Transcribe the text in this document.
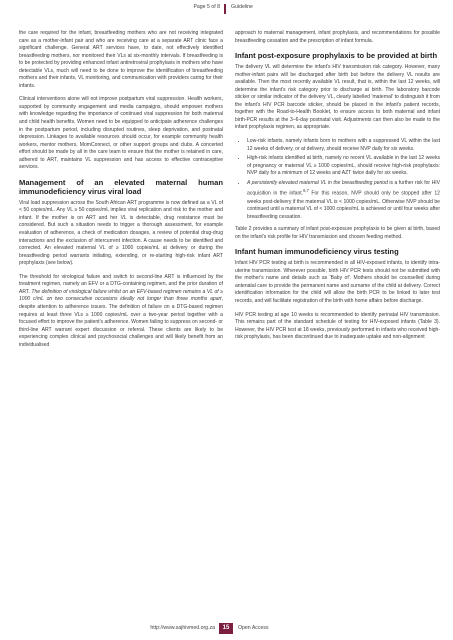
Page 5 of 8 Guideline

the care required for the infant, breastfeeding mothers who are not receiving integrated care as a mother-infant pair and who are receiving care at a separate ART clinic face a significant challenge. General ART services have, to date, not effectively identified breastfeeding mothers, nor monitored their VLs at six-monthly intervals. If breastfeeding is to be protected by providing enhanced infant antiretroviral prophylaxis in mothers who have detectable VLs, much will need to be done to improve the identification of breastfeeding mothers and their infants, VL monitoring, and communication with providers caring for their infants.

Clinical interventions alone will not improve postpartum viral suppression. Health workers, supported by community engagement and media campaigns, should empower mothers with knowledge regarding the importance of continued viral suppression for both maternal and child health benefits. Women need to be equipped to anticipate adherence challenges in the postpartum period, including disrupted routines, sleep deprivation, and postnatal depression. Linkages to available resources should occur, for example community health workers, mentor mothers, MomConnect, or other support groups and clubs. A concerted effort should be made by all in the care team to ensure that the mother is retained in care, adhered to ART, maintains VL suppression and has access to effective contraceptive services.

Management of an elevated maternal human immunodeficiency virus viral load

Viral load suppression across the South African ART programme is now defined as a VL of < 50 copies/mL. Any VL ≥ 50 copies/mL implies viral replication and risk to the mother and infant. If the mother is on ART and her VL is detectable, drug resistance must be considered. But such a situation needs to trigger a thorough assessment, for example evaluation of adherence, a check of medication dosages, a review of potential drug-drug interactions and the exclusion of intercurrent infection. A cause needs to be identified and corrected. An elevated maternal VL of ≥ 1000 copies/mL at delivery or during the breastfeeding period warrants initiating, extending, or re-starting high-risk infant ART prophylaxis (see below).

The threshold for virological failure and switch to second-line ART is influenced by the treatment regimen, namely an EFV or a DTG-containing regimen, and the prior duration of ART. The definition of virological failure whilst on an EFV-based regimen remains a VL of ≥ 1000 c/mL on two consecutive occasions ideally not longer than three months apart, despite attention to adherence issues. The definition of failure on a DTG-based regimen requires at least three VLs ≥ 1000 copies/mL over a two-year period together with a focused effort to improve the patient's adherence. Women failing to suppress on second- or third-line ART warrant expert discussion or referral. These clients are likely to be experiencing complex clinical and psychosocial challenges and will likely benefit from an individualised

approach to maternal management, infant prophylaxis, and recommendations for possible breastfeeding cessation and the prescription of infant formula.

Infant post-exposure prophylaxis to be provided at birth

The delivery VL will determine the infant's HIV transmission risk category. However, many mother-infant pairs will be discharged after birth but before the delivery VL results are available. Then the most recently available VL result, that is, within the last 12 weeks, will determine the infant's risk category prior to discharge at birth. The laboratory barcode sticker or similar indicator of the delivery VL, clearly labelled 'maternal' to distinguish it from the infant's HIV PCR barcode sticker, should be placed in the infant's patient records, together with the Road-to-Health Booklet, to ensure access to both maternal and infant birth-PCR results at the 3–6-day postnatal visit. Adjustments can then also be made to the infant prophylaxis regimen, as appropriate.

• Low-risk infants, namely infants born to mothers with a suppressed VL within the last 12 weeks of delivery, or at delivery, should receive NVP daily for six weeks.
• High-risk infants identified at birth, namely no recent VL available in the last 12 weeks of pregnancy or maternal VL ≥ 1000 copies/mL, should receive high-risk prophylaxis: NVP daily for a minimum of 12 weeks and AZT twice daily for six weeks.
• A persistently elevated maternal VL in the breastfeeding period is a further risk for HIV acquisition in the infant.$^{6,7}$ For this reason, NVP should only be stopped after 12 weeks post-delivery if the maternal VL is < 1000 copies/mL. Otherwise NVP should be continued until a maternal VL of < 1000 copies/mL is achieved or until four weeks after breastfeeding cessation.

Table 2 provides a summary of infant post-exposure prophylaxis to be given at birth, based on the infant's risk profile for HIV transmission and chosen feeding method.

Infant human immunodeficiency virus testing

Infant HIV PCR testing at birth is recommended in all HIV-exposed infants, to identify intra-uterine transmission. Wherever possible, birth HIV PCR tests should not be submitted with the mother's name and details such as 'Baby of'. Mothers should be counselled during antenatal care to provide the permanent name and surname of the child at delivery. Correct identification information for the child will allow the birth PCR to be linked to later test records, and will facilitate registration of the birth with home affairs before discharge.

HIV PCR testing at age 10 weeks is recommended to identify perinatal HIV transmission. This remains part of the standard schedule of testing for HIV-exposed infants (Table 3). However, the HIV PCR test at 18 weeks, previously performed in infants who received high-risk prophylaxis, has been discontinued due to inadequate uptake and non-alignment

http://www.sajhivmed.org.za	15	Open Access
